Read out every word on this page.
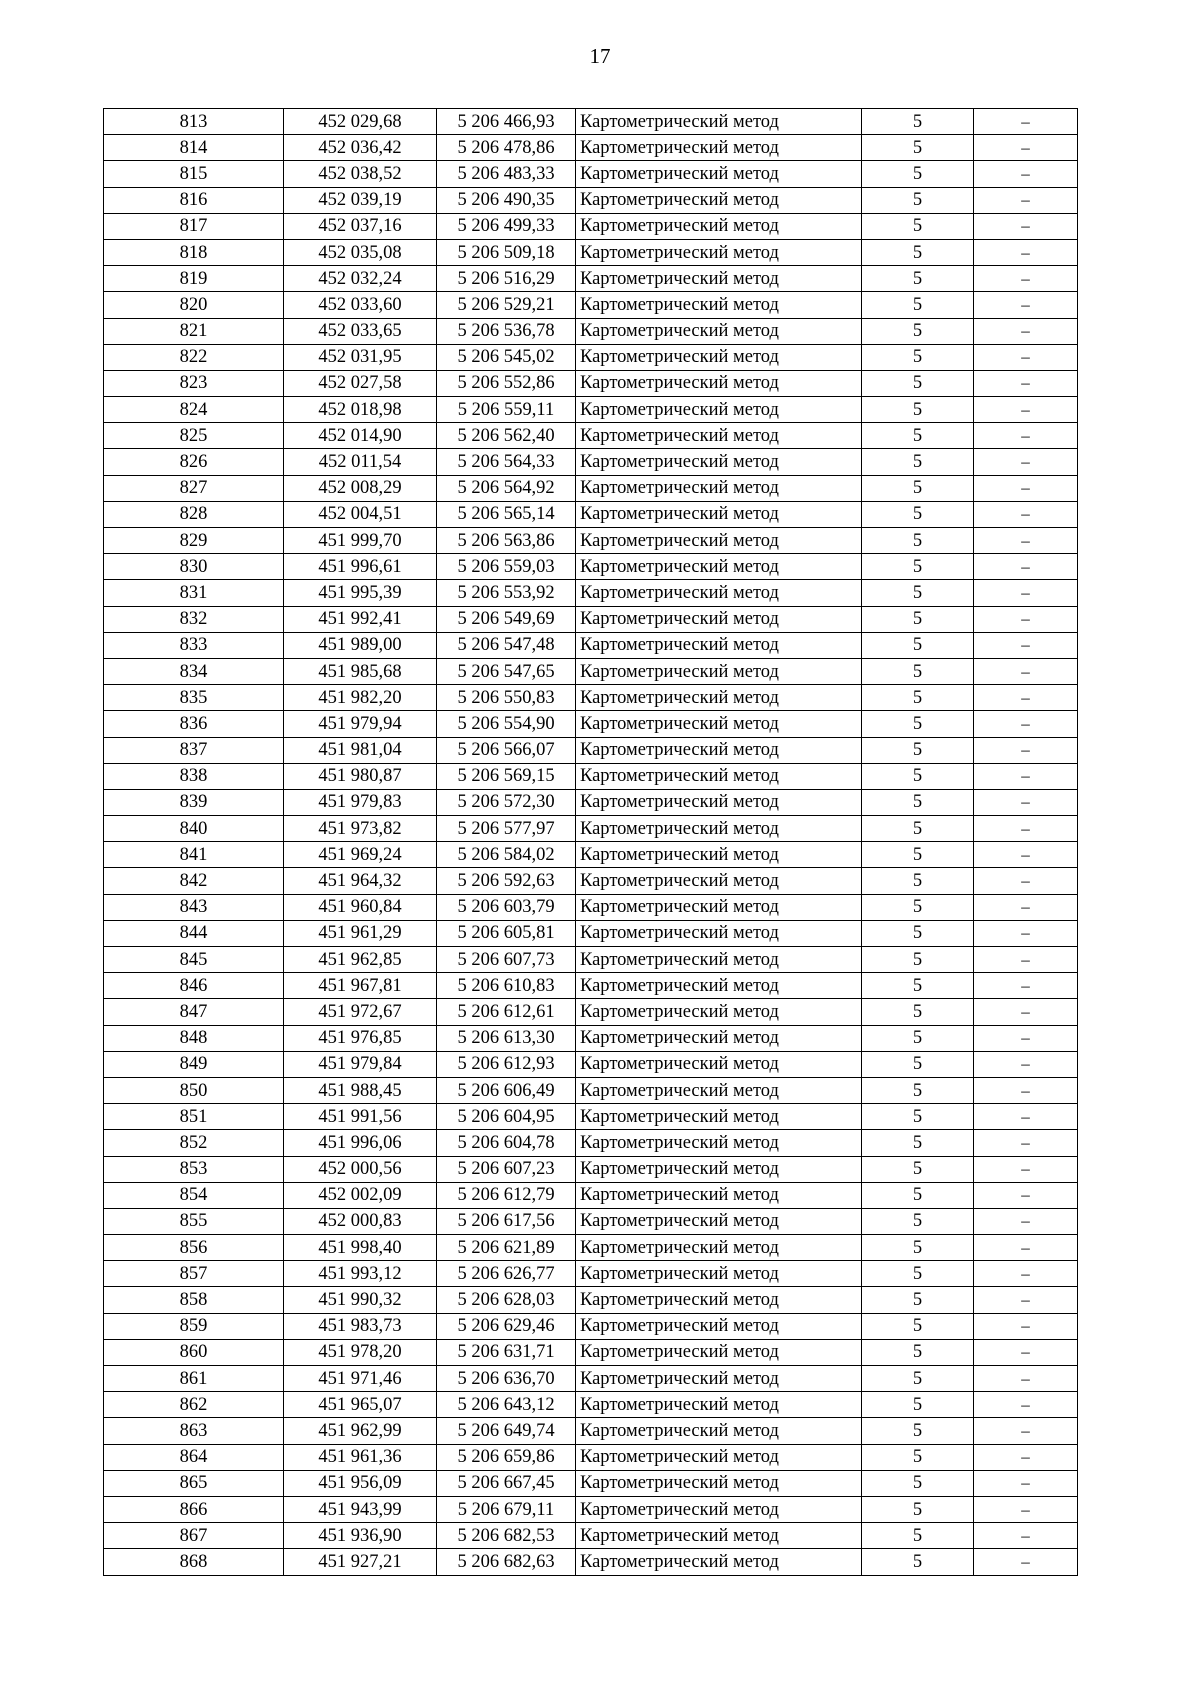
17
813	452 029,68	5 206 466,93	Картометрический метод	5	–
814	452 036,42	5 206 478,86	Картометрический метод	5	–
815	452 038,52	5 206 483,33	Картометрический метод	5	–
816	452 039,19	5 206 490,35	Картометрический метод	5	–
817	452 037,16	5 206 499,33	Картометрический метод	5	–
818	452 035,08	5 206 509,18	Картометрический метод	5	–
819	452 032,24	5 206 516,29	Картометрический метод	5	–
820	452 033,60	5 206 529,21	Картометрический метод	5	–
821	452 033,65	5 206 536,78	Картометрический метод	5	–
822	452 031,95	5 206 545,02	Картометрический метод	5	–
823	452 027,58	5 206 552,86	Картометрический метод	5	–
824	452 018,98	5 206 559,11	Картометрический метод	5	–
825	452 014,90	5 206 562,40	Картометрический метод	5	–
826	452 011,54	5 206 564,33	Картометрический метод	5	–
827	452 008,29	5 206 564,92	Картометрический метод	5	–
828	452 004,51	5 206 565,14	Картометрический метод	5	–
829	451 999,70	5 206 563,86	Картометрический метод	5	–
830	451 996,61	5 206 559,03	Картометрический метод	5	–
831	451 995,39	5 206 553,92	Картометрический метод	5	–
832	451 992,41	5 206 549,69	Картометрический метод	5	–
833	451 989,00	5 206 547,48	Картометрический метод	5	–
834	451 985,68	5 206 547,65	Картометрический метод	5	–
835	451 982,20	5 206 550,83	Картометрический метод	5	–
836	451 979,94	5 206 554,90	Картометрический метод	5	–
837	451 981,04	5 206 566,07	Картометрический метод	5	–
838	451 980,87	5 206 569,15	Картометрический метод	5	–
839	451 979,83	5 206 572,30	Картометрический метод	5	–
840	451 973,82	5 206 577,97	Картометрический метод	5	–
841	451 969,24	5 206 584,02	Картометрический метод	5	–
842	451 964,32	5 206 592,63	Картометрический метод	5	–
843	451 960,84	5 206 603,79	Картометрический метод	5	–
844	451 961,29	5 206 605,81	Картометрический метод	5	–
845	451 962,85	5 206 607,73	Картометрический метод	5	–
846	451 967,81	5 206 610,83	Картометрический метод	5	–
847	451 972,67	5 206 612,61	Картометрический метод	5	–
848	451 976,85	5 206 613,30	Картометрический метод	5	–
849	451 979,84	5 206 612,93	Картометрический метод	5	–
850	451 988,45	5 206 606,49	Картометрический метод	5	–
851	451 991,56	5 206 604,95	Картометрический метод	5	–
852	451 996,06	5 206 604,78	Картометрический метод	5	–
853	452 000,56	5 206 607,23	Картометрический метод	5	–
854	452 002,09	5 206 612,79	Картометрический метод	5	–
855	452 000,83	5 206 617,56	Картометрический метод	5	–
856	451 998,40	5 206 621,89	Картометрический метод	5	–
857	451 993,12	5 206 626,77	Картометрический метод	5	–
858	451 990,32	5 206 628,03	Картометрический метод	5	–
859	451 983,73	5 206 629,46	Картометрический метод	5	–
860	451 978,20	5 206 631,71	Картометрический метод	5	–
861	451 971,46	5 206 636,70	Картометрический метод	5	–
862	451 965,07	5 206 643,12	Картометрический метод	5	–
863	451 962,99	5 206 649,74	Картометрический метод	5	–
864	451 961,36	5 206 659,86	Картометрический метод	5	–
865	451 956,09	5 206 667,45	Картометрический метод	5	–
866	451 943,99	5 206 679,11	Картометрический метод	5	–
867	451 936,90	5 206 682,53	Картометрический метод	5	–
868	451 927,21	5 206 682,63	Картометрический метод	5	–
